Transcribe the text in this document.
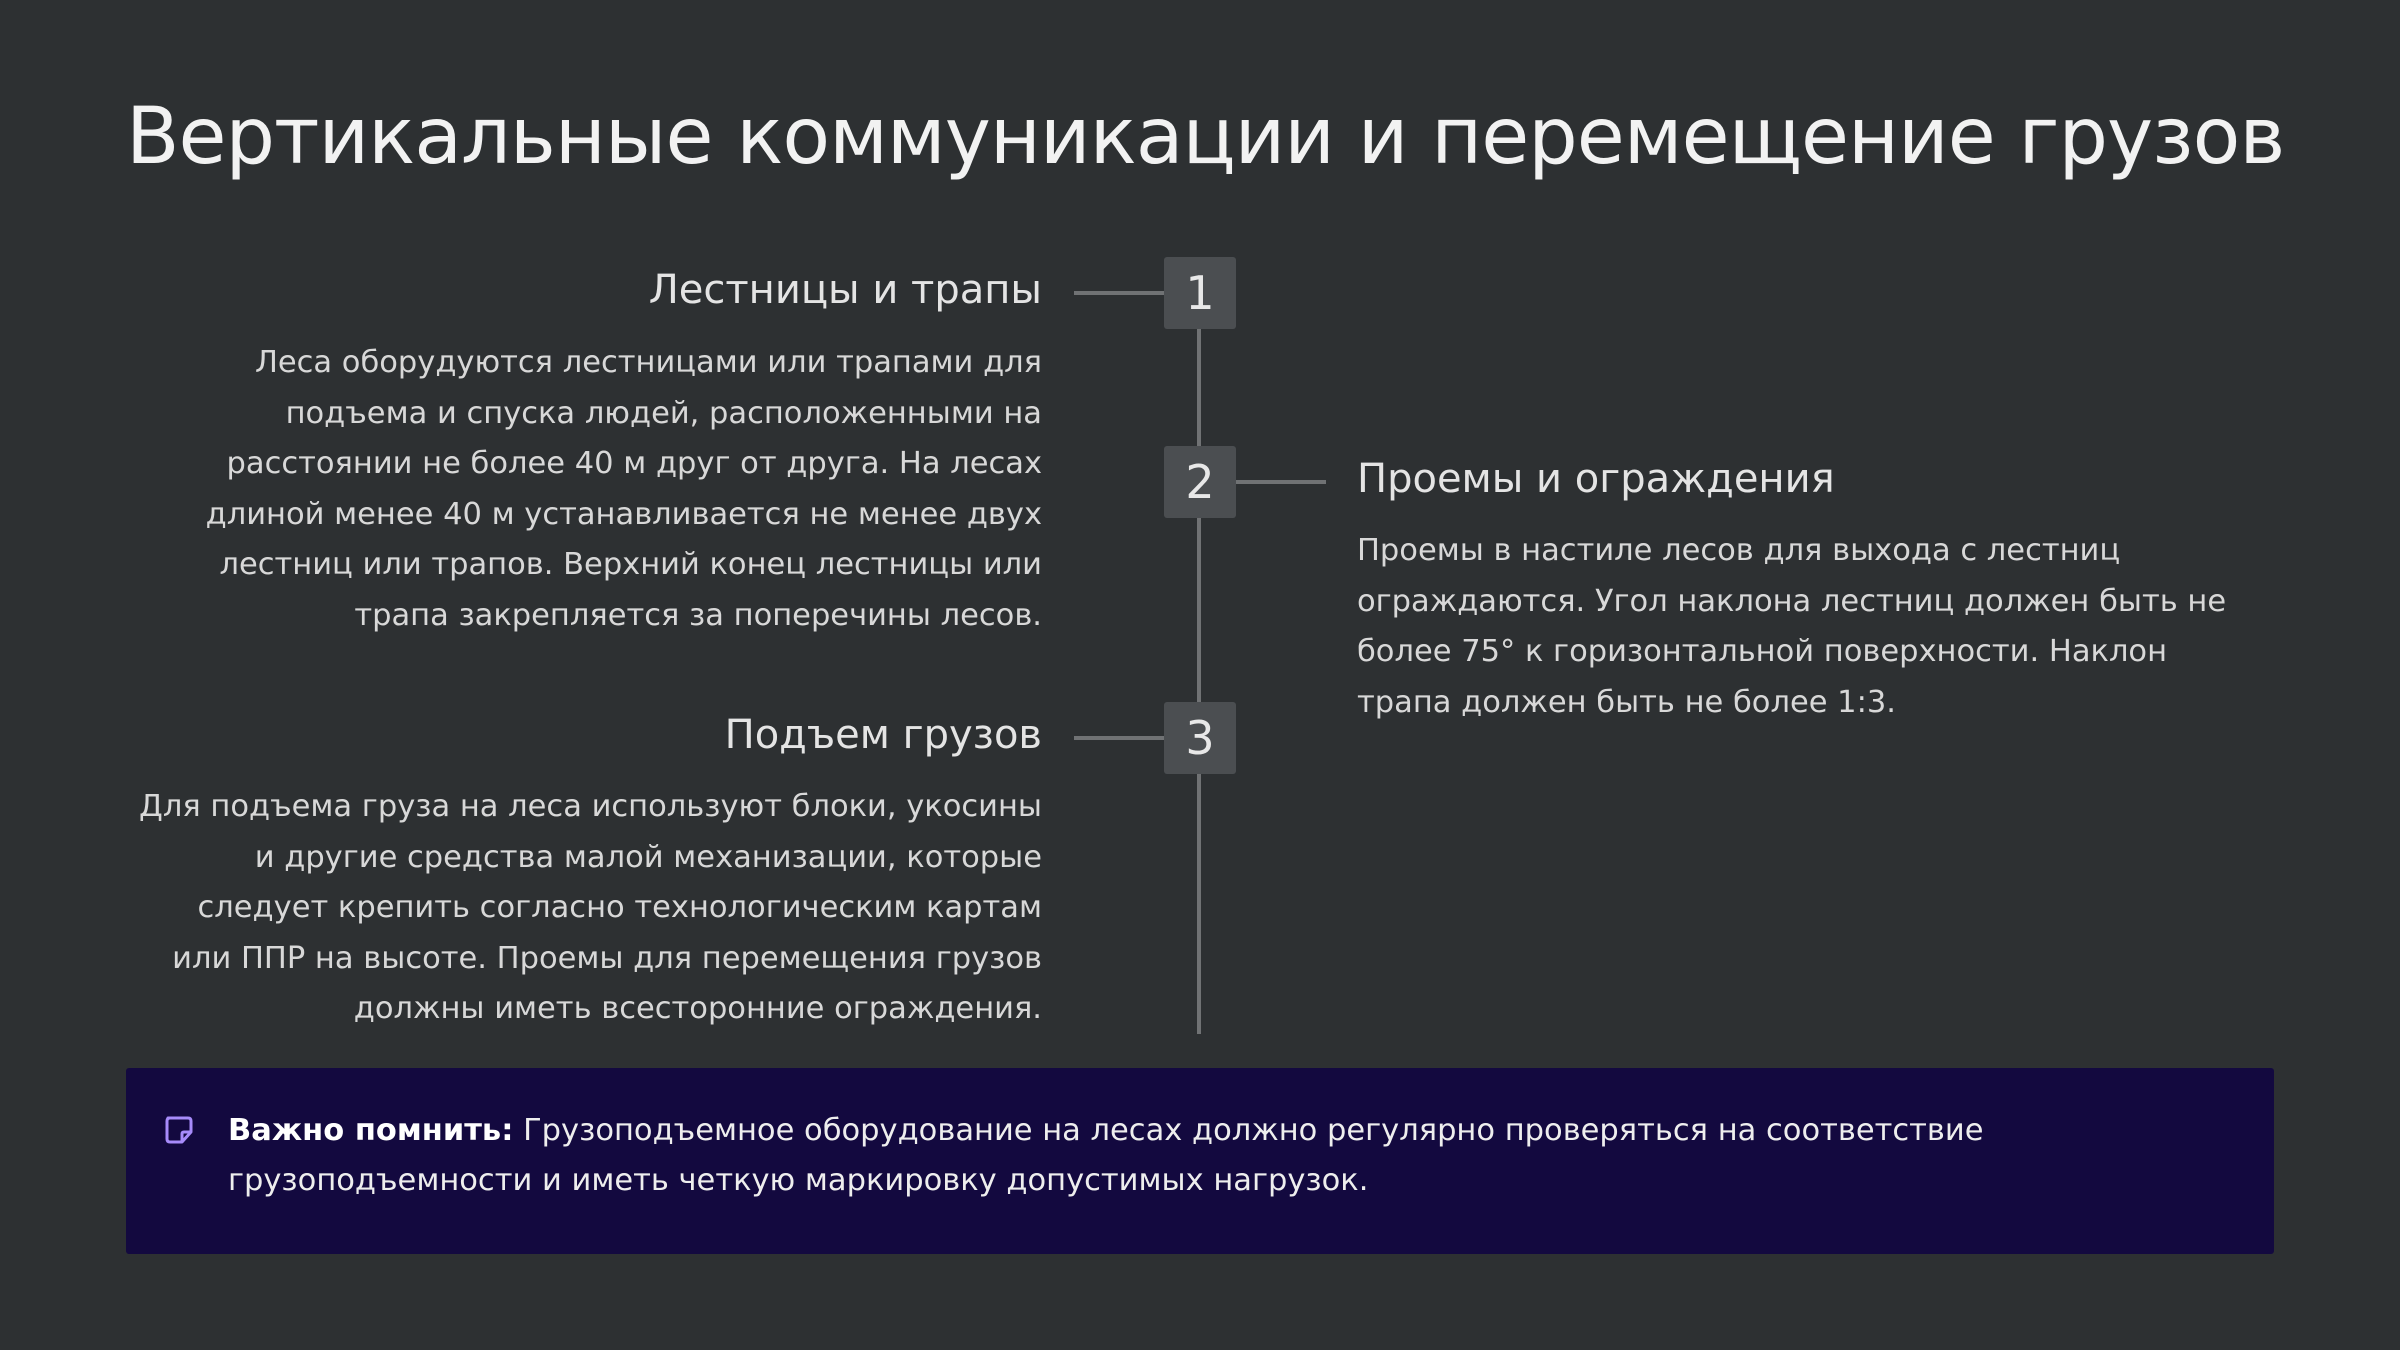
Вертикальные коммуникации и перемещение грузов
1
Лестницы и трапы
Леса оборудуются лестницами или трапами для подъема и спуска людей, расположенными на расстоянии не более 40 м друг от друга. На лесах длиной менее 40 м устанавливается не менее двух лестниц или трапов. Верхний конец лестницы или трапа закрепляется за поперечины лесов.
2	Проемы и ограждения
Проемы в настиле лесов для выхода с лестниц ограждаются. Угол наклона лестниц должен быть не более 75° к горизонтальной поверхности. Наклон трапа должен быть не более 1:3.
3
Подъем грузов
Для подъема груза на леса используют блоки, укосины и другие средства малой механизации, которые следует крепить согласно технологическим картам или ППР на высоте. Проемы для перемещения грузов должны иметь всесторонние ограждения.
Важно помнить: Грузоподъемное оборудование на лесах должно регулярно проверяться на соответствие грузоподъемности и иметь четкую маркировку допустимых нагрузок.
